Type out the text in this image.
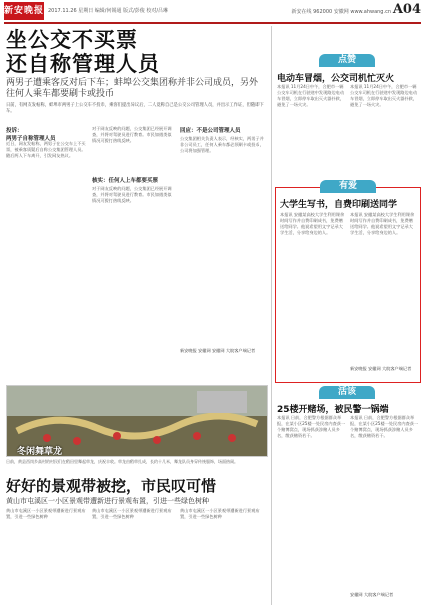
新安晚报 2017.11.26 星期日 编辑/何锡通 版式/彭俊 校对/吕琳	新安在线 962000 安徽网 www.ahwang.cn A04
坐公交不买票
还自称管理人员
两男子遭乘客反对后下车；蚌埠公交集团称并非公司成员，另外往何人乘车都要刷卡或投币
日前，有网友发帖称，蚌埠市两男子上公交车不投币，乘客们提出异议后，二人竟称自己是公交公司管理人员，并出示工作证，但随即下车。
投诉：
两男子自称管理人员
近日，网友发帖称，两男子在公交车上不买票，被乘客质疑后自称公交集团管理人员。随后两人下车离开，引发网友热议。
核实：任何人上车都要买票
对于网友反映的问题，公交集团已经展开调查，并将对驾驶员进行教育。市民如遇类似情况可拨打热线反映。
对于网友反映的问题，公交集团已经展开调查，并将对驾驶员进行教育。市民如遇类似情况可拨打热线反映。
回应：不是公司管理人员
公交集团相关负责人表示，经核实，两男子并非公司员工，任何人乘车都必须刷卡或投币，公司将加强管理。
新安晚报 安徽网 安徽网 大皖客户端记者
冬闲舞草龙
日前，黄县西岗乡高村的村民们在稻田里舞起草龙，庆祝丰收。草龙由稻草扎成，长约十几米，舞龙队员身穿传统服饰，场面热闹。
好好的景观带被挖，市民叹可惜
黄山市屯溪区一小区景观带遭新进行景观布置，引进一些绿色树种
黄山市屯溪区一小区景观带遭新进行景观布置，引进一些绿色树种
黄山市屯溪区一小区景观带遭新进行景观布置，引进一些绿色树种
黄山市屯溪区一小区景观带遭新进行景观布置，引进一些绿色树种
点赞
电动车冒烟，公交司机忙灭火
本报讯 11月24日中午，合肥市一辆公交车司机在行驶途中发现路边电动车冒烟，立即停车取出灭火器扑救，避免了一场火灾。
本报讯 11月24日中午，合肥市一辆公交车司机在行驶途中发现路边电动车冒烟，立即停车取出灭火器扑救，避免了一场火灾。
有爱
大学生写书，自费印刷送同学
本报讯 安徽某高校大学生利用课余时间写作并自费印刷成书，免费赠送给同学。他说希望用文字记录大学生活，分享给身边的人。
本报讯 安徽某高校大学生利用课余时间写作并自费印刷成书，免费赠送给同学。他说希望用文字记录大学生活，分享给身边的人。
新安晚报 安徽网 大皖客户端记者
活该
25楼开赌场，被民警一锅端
本报讯 日前，合肥警方根据群众举报，在某小区25楼一处民房内查获一个赌博窝点，现场抓获涉赌人员多名，缴获赌资若干。
本报讯 日前，合肥警方根据群众举报，在某小区25楼一处民房内查获一个赌博窝点，现场抓获涉赌人员多名，缴获赌资若干。
安徽网 大皖客户端记者
